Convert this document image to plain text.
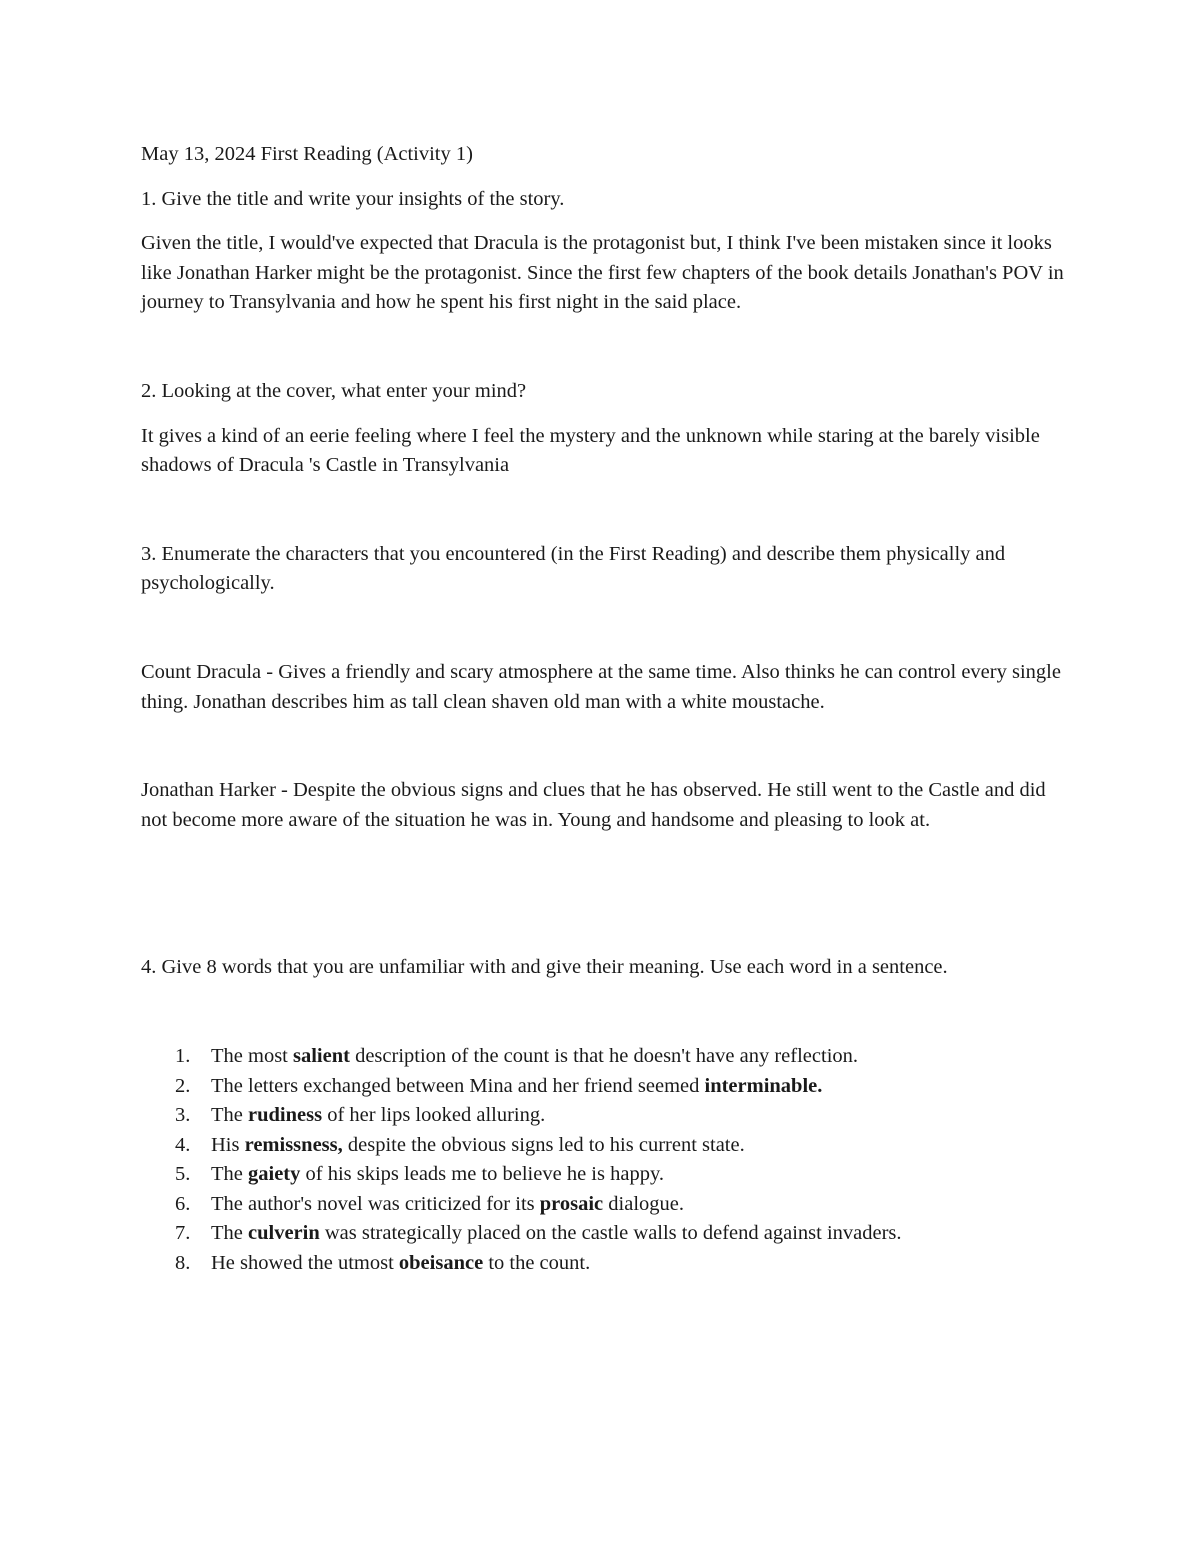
May 13, 2024 First Reading (Activity 1)

1. Give the title and write your insights of the story.

Given the title, I would've expected that Dracula is the protagonist but, I think I've been mistaken since it looks like Jonathan Harker might be the protagonist. Since the first few chapters of the book details Jonathan's POV in journey to Transylvania and how he spent his first night in the said place.

2. Looking at the cover, what enter your mind?

It gives a kind of an eerie feeling where I feel the mystery and the unknown while staring at the barely visible shadows of Dracula 's Castle in Transylvania

3. Enumerate the characters that you encountered (in the First Reading) and describe them physically and psychologically.

Count Dracula - Gives a friendly and scary atmosphere at the same time. Also thinks he can control every single thing. Jonathan describes him as tall clean shaven old man with a white moustache.

Jonathan Harker - Despite the obvious signs and clues that he has observed. He still went to the Castle and did not become more aware of the situation he was in. Young and handsome and pleasing to look at.

4. Give 8 words that you are unfamiliar with and give their meaning. Use each word in a sentence.

1. The most salient description of the count is that he doesn't have any reflection.
2. The letters exchanged between Mina and her friend seemed interminable.
3. The rudiness of her lips looked alluring.
4. His remissness, despite the obvious signs led to his current state.
5. The gaiety of his skips leads me to believe he is happy.
6. The author's novel was criticized for its prosaic dialogue.
7. The culverin was strategically placed on the castle walls to defend against invaders.
8. He showed the utmost obeisance to the count.
